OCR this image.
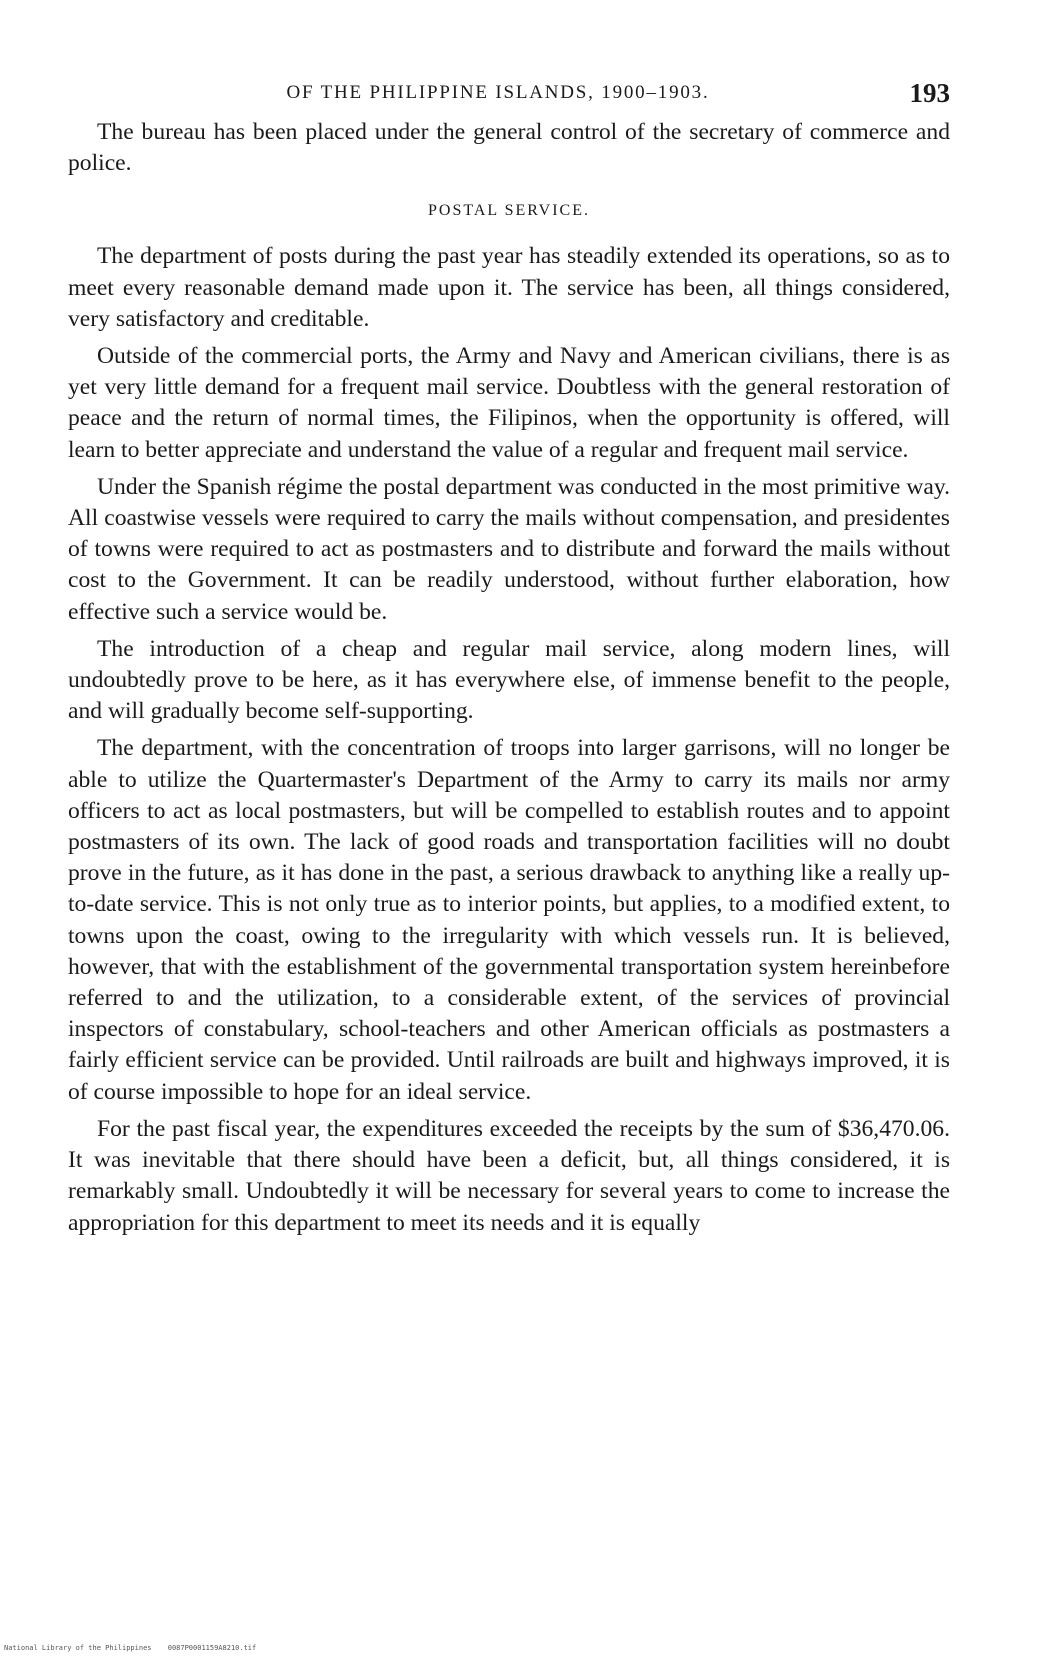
OF THE PHILIPPINE ISLANDS, 1900–1903.	193

The bureau has been placed under the general control of the secretary of commerce and police.

POSTAL SERVICE.

The department of posts during the past year has steadily extended its operations, so as to meet every reasonable demand made upon it. The service has been, all things considered, very satisfactory and creditable.

Outside of the commercial ports, the Army and Navy and American civilians, there is as yet very little demand for a frequent mail service. Doubtless with the general restoration of peace and the return of normal times, the Filipinos, when the opportunity is offered, will learn to better appreciate and understand the value of a regular and frequent mail service.

Under the Spanish régime the postal department was conducted in the most primitive way. All coastwise vessels were required to carry the mails without compensation, and presidentes of towns were required to act as postmasters and to distribute and forward the mails without cost to the Government. It can be readily understood, without further elaboration, how effective such a service would be.

The introduction of a cheap and regular mail service, along modern lines, will undoubtedly prove to be here, as it has everywhere else, of immense benefit to the people, and will gradually become self-supporting.

The department, with the concentration of troops into larger garrisons, will no longer be able to utilize the Quartermaster's Department of the Army to carry its mails nor army officers to act as local postmasters, but will be compelled to establish routes and to appoint postmasters of its own. The lack of good roads and transportation facilities will no doubt prove in the future, as it has done in the past, a serious drawback to anything like a really up-to-date service. This is not only true as to interior points, but applies, to a modified extent, to towns upon the coast, owing to the irregularity with which vessels run. It is believed, however, that with the establishment of the governmental transportation system hereinbefore referred to and the utilization, to a considerable extent, of the services of provincial inspectors of constabulary, school-teachers and other American officials as postmasters a fairly efficient service can be provided. Until railroads are built and highways improved, it is of course impossible to hope for an ideal service.

For the past fiscal year, the expenditures exceeded the receipts by the sum of $36,470.06. It was inevitable that there should have been a deficit, but, all things considered, it is remarkably small. Undoubtedly it will be necessary for several years to come to increase the appropriation for this department to meet its needs and it is equally

National Library of the Philippines 0087P0001159A8210.tif
